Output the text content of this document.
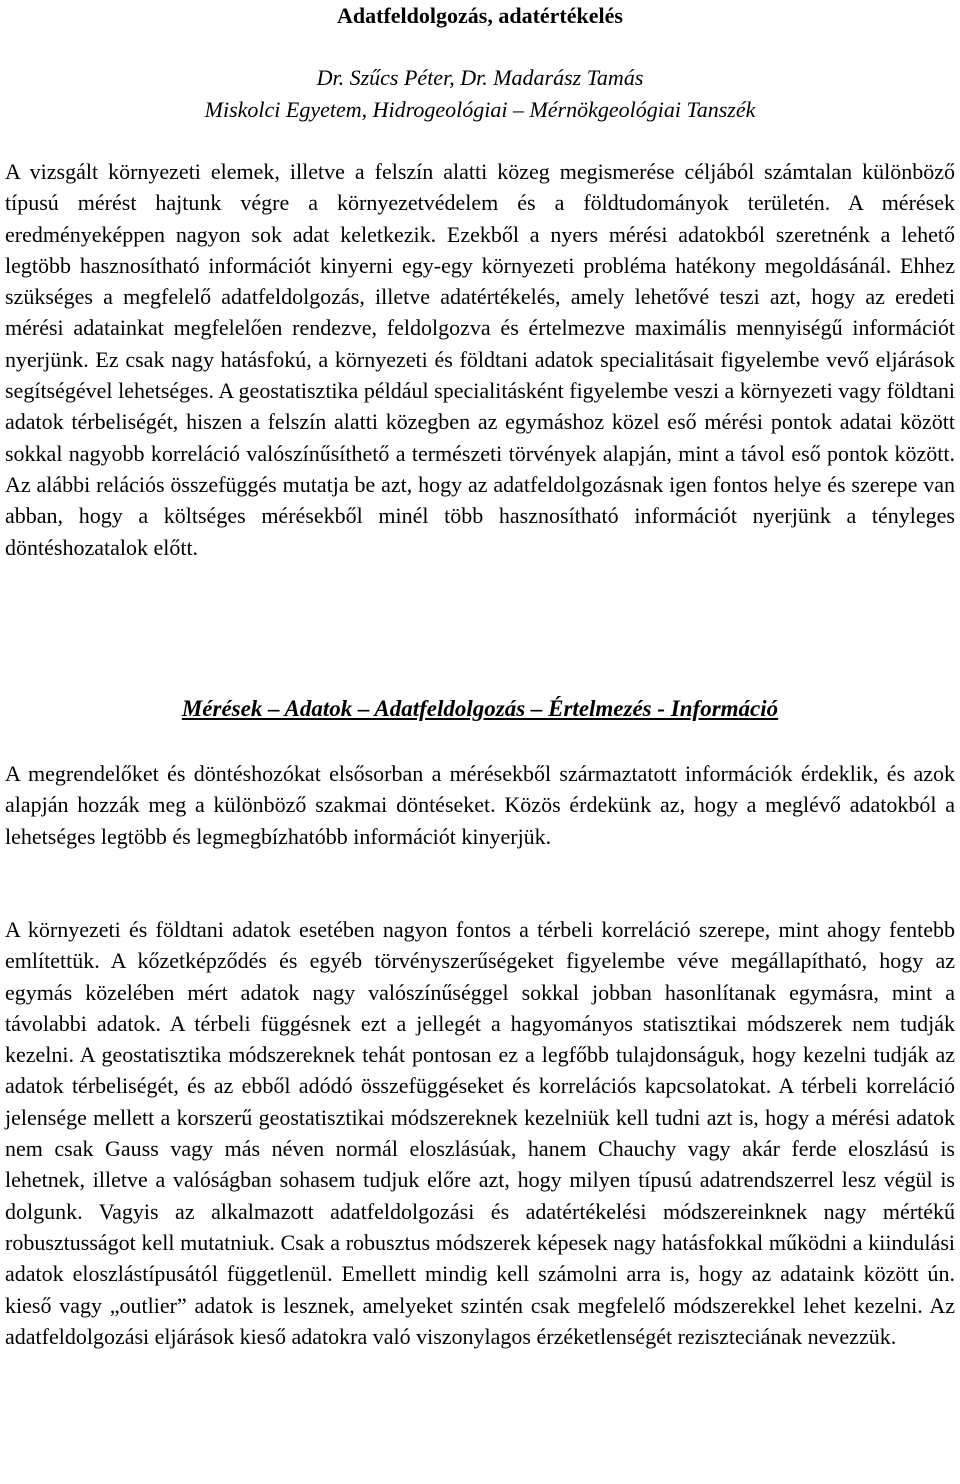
Adatfeldolgozás, adatértékelés
Dr. Szűcs Péter, Dr. Madarász Tamás
Miskolci Egyetem, Hidrogeológiai – Mérnökgeológiai Tanszék

A vizsgált környezeti elemek, illetve a felszín alatti közeg megismerése céljából számtalan különböző típusú mérést hajtunk végre a környezetvédelem és a földtudományok területén. A mérések eredményeképpen nagyon sok adat keletkezik. Ezekből a nyers mérési adatokból szeretnénk a lehető legtöbb hasznosítható információt kinyerni egy-egy környezeti probléma hatékony megoldásánál. Ehhez szükséges a megfelelő adatfeldolgozás, illetve adatértékelés, amely lehetővé teszi azt, hogy az eredeti mérési adatainkat megfelelően rendezve, feldolgozva és értelmezve maximális mennyiségű információt nyerjünk. Ez csak nagy hatásfokú, a környezeti és földtani adatok specialitásait figyelembe vevő eljárások segítségével lehetséges. A geostatisztika például specialitásként figyelembe veszi a környezeti vagy földtani adatok térbeliségét, hiszen a felszín alatti közegben az egymáshoz közel eső mérési pontok adatai között sokkal nagyobb korreláció valószínűsíthető a természeti törvények alapján, mint a távol eső pontok között. Az alábbi relációs összefüggés mutatja be azt, hogy az adatfeldolgozásnak igen fontos helye és szerepe van abban, hogy a költséges mérésekből minél több hasznosítható információt nyerjünk a tényleges döntéshozatalok előtt.

Mérések – Adatok – Adatfeldolgozás – Értelmezés - Információ

A megrendelőket és döntéshozókat elsősorban a mérésekből származtatott információk érdeklik, és azok alapján hozzák meg a különböző szakmai döntéseket. Közös érdekünk az, hogy a meglévő adatokból a lehetséges legtöbb és legmegbízhatóbb információt kinyerjük.

A környezeti és földtani adatok esetében nagyon fontos a térbeli korreláció szerepe, mint ahogy fentebb említettük. A kőzetképződés és egyéb törvényszerűségeket figyelembe véve megállapítható, hogy az egymás közelében mért adatok nagy valószínűséggel sokkal jobban hasonlítanak egymásra, mint a távolabbi adatok. A térbeli függésnek ezt a jellegét a hagyományos statisztikai módszerek nem tudják kezelni. A geostatisztika módszereknek tehát pontosan ez a legfőbb tulajdonságuk, hogy kezelni tudják az adatok térbeliségét, és az ebből adódó összefüggéseket és korrelációs kapcsolatokat. A térbeli korreláció jelensége mellett a korszerű geostatisztikai módszereknek kezelniük kell tudni azt is, hogy a mérési adatok nem csak Gauss vagy más néven normál eloszlásúak, hanem Chauchy vagy akár ferde eloszlású is lehetnek, illetve a valóságban sohasem tudjuk előre azt, hogy milyen típusú adatrendszerrel lesz végül is dolgunk. Vagyis az alkalmazott adatfeldolgozási és adatértékelési módszereinknek nagy mértékű robusztusságot kell mutatniuk. Csak a robusztus módszerek képesek nagy hatásfokkal működni a kiindulási adatok eloszlástípusától függetlenül. Emellett mindig kell számolni arra is, hogy az adataink között ún. kieső vagy „outlier” adatok is lesznek, amelyeket szintén csak megfelelő módszerekkel lehet kezelni. Az adatfeldolgozási eljárások kieső adatokra való viszonylagos érzéketlenségét reziszteciának nevezzük.
